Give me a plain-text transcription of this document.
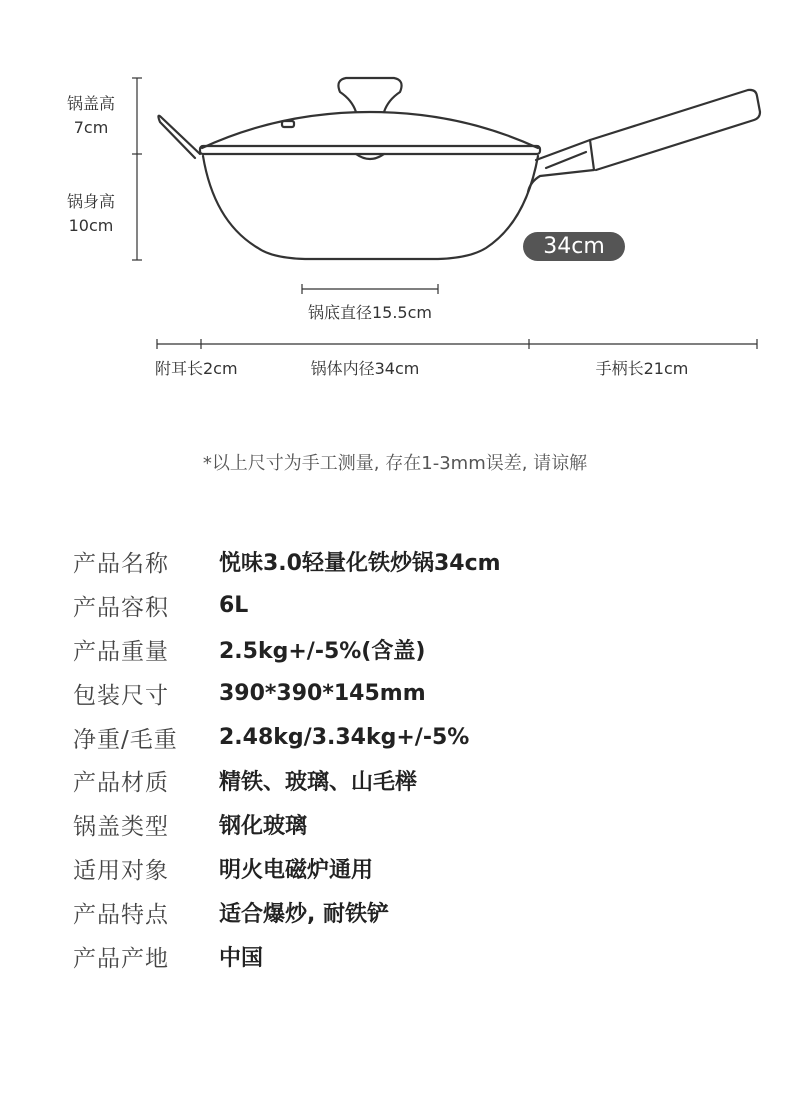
锅盖高
7cm
锅身高
10cm
34cm
锅底直径15.5cm
附耳长2cm	锅体内径34cm	手柄长21cm
*以上尺寸为手工测量, 存在1-3mm误差, 请谅解
产品名称	悦味3.0轻量化铁炒锅34cm
产品容积	6L
产品重量	2.5kg+/-5%(含盖)
包装尺寸	390*390*145mm
净重/毛重	2.48kg/3.34kg+/-5%
产品材质	精铁、玻璃、山毛榉
锅盖类型	钢化玻璃
适用对象	明火电磁炉通用
产品特点	适合爆炒, 耐铁铲
产品产地	中国
